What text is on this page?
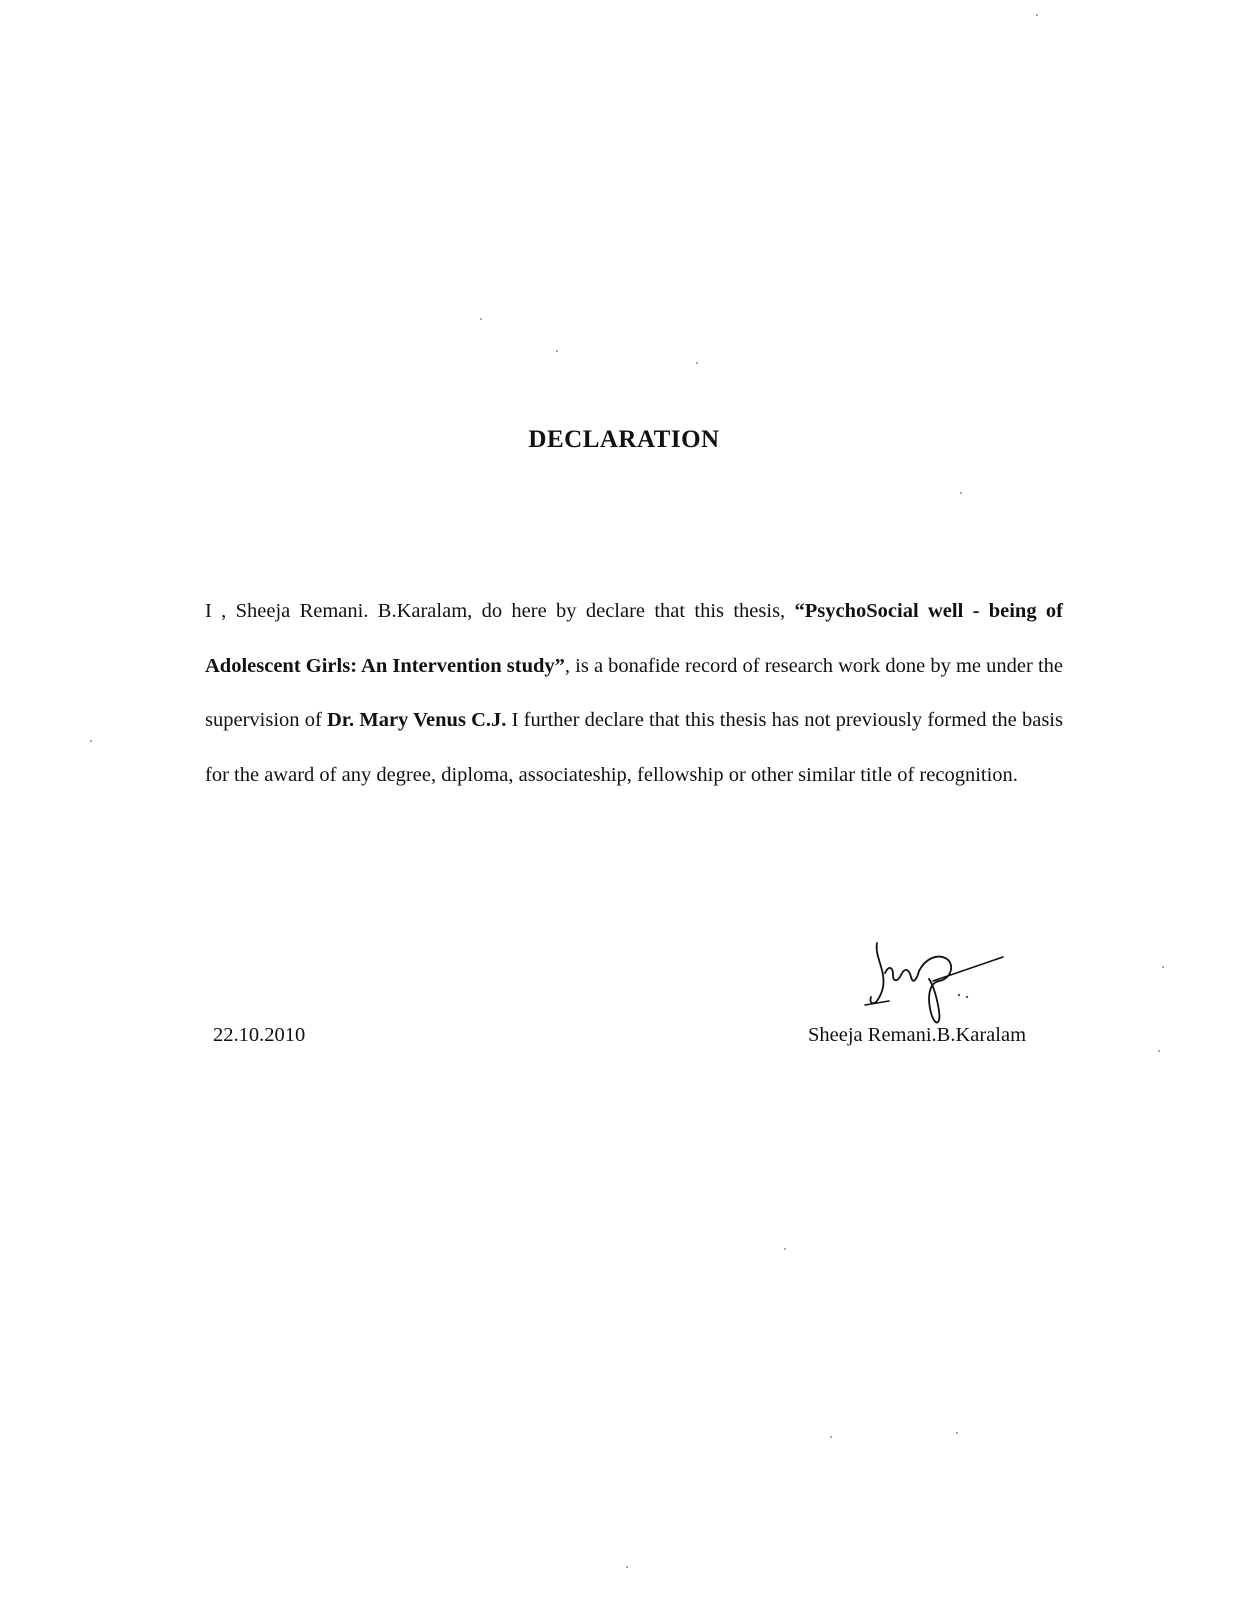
DECLARATION

I , Sheeja Remani. B.Karalam, do here by declare that this thesis, “PsychoSocial well - being of Adolescent Girls: An Intervention study”, is a bonafide record of research work done by me under the supervision of Dr. Mary Venus C.J. I further declare that this thesis has not previously formed the basis for the award of any degree, diploma, associateship, fellowship or other similar title of recognition.

22.10.2010	Sheeja Remani.B.Karalam
